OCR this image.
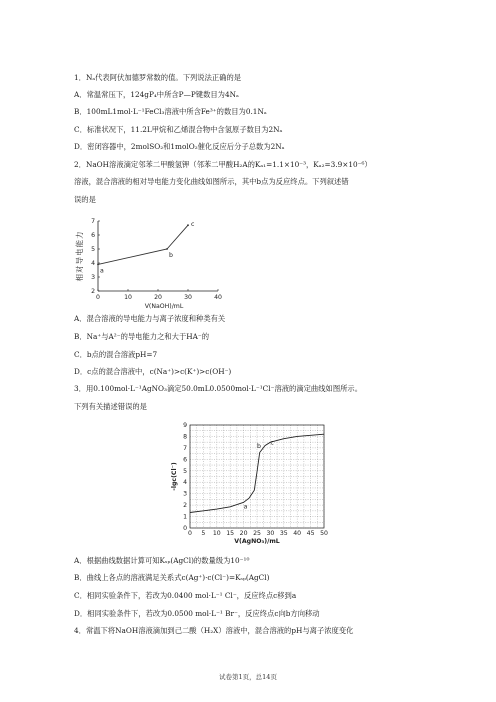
1．Nₐ代表阿伏加德罗常数的值。下列说法正确的是
A．常温常压下，124gP₄中所含P—P键数目为4Nₐ
B．100mL1mol·L⁻¹FeCl₃溶液中所含Fe³⁺的数目为0.1Nₐ
C．标准状况下，11.2L甲烷和乙烯混合物中含氢原子数目为2Nₐ
D．密闭容器中，2molSO₂和1molO₂催化反应后分子总数为2Nₐ
2．NaOH溶液滴定邻苯二甲酸氢钾（邻苯二甲酸H₂A的Kₐ₁=1.1×10⁻³，Kₐ₂=3.9×10⁻⁶）
溶液，混合溶液的相对导电能力变化曲线如图所示，其中b点为反应终点。下列叙述错
误的是
2
3
4
5
6
7
0	10	20	30	40
V(NaOH)/mL
相对导电能力	a
b
c
A．混合溶液的导电能力与离子浓度和种类有关
B．Na⁺与A²⁻的导电能力之和大于HA⁻的
C．b点的混合溶液pH=7
D．c点的混合溶液中，c(Na⁺)>c(K⁺)>c(OH⁻)
3．用0.100mol·L⁻¹AgNO₃滴定50.0mL0.0500mol·L⁻¹Cl⁻溶液的滴定曲线如图所示。
下列有关描述错误的是
0
1
2
3
4
5
6
7
8
9
0 5 10 15 20 25 30 35 40 45 50
V(AgNO₃)/mL
-lgc(Cl⁻)
a
b c
A．根据曲线数据计算可知Kₛₚ(AgCl)的数量级为10⁻¹⁰
B．曲线上各点的溶液满足关系式c(Ag⁺)·c(Cl⁻)=Kₛₚ(AgCl)
C．相同实验条件下，若改为0.0400 mol·L⁻¹ Cl⁻，反应终点c移到a
D．相同实验条件下，若改为0.0500 mol·L⁻¹ Br⁻，反应终点c向b方向移动
4．常温下将NaOH溶液滴加到己二酸（H₂X）溶液中，混合溶液的pH与离子浓度变化
试卷第1页，总14页
